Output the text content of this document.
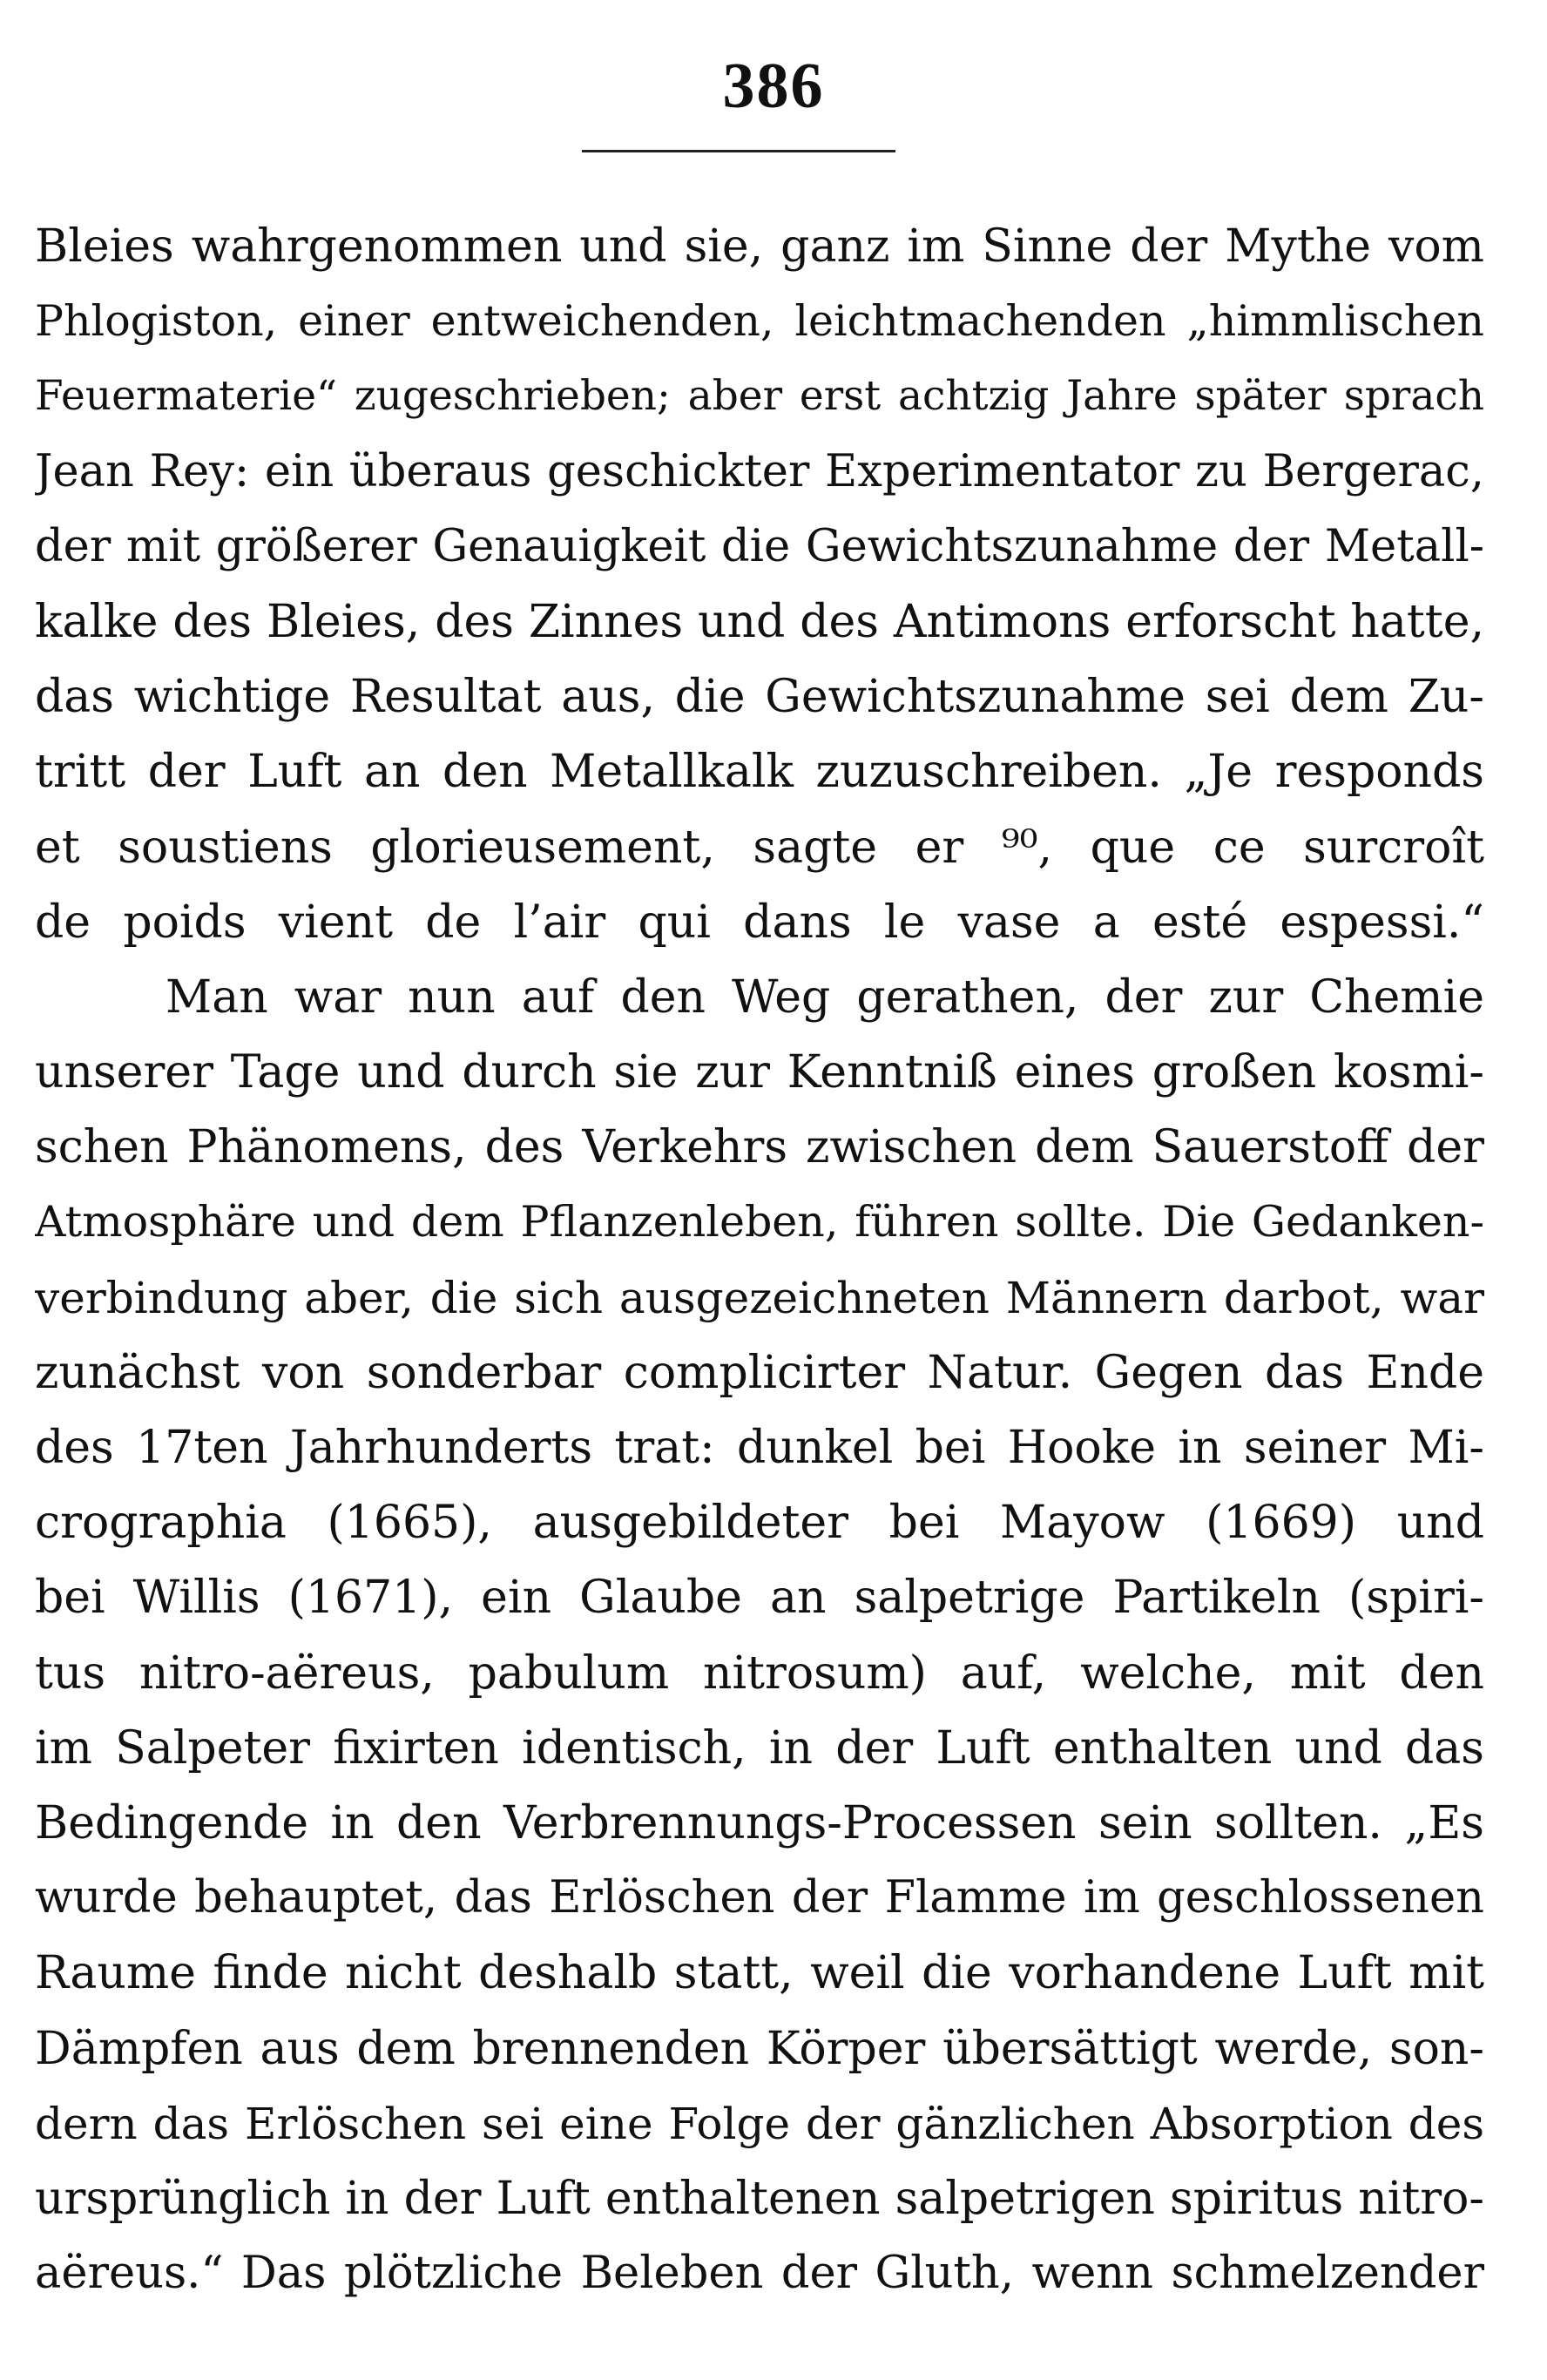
386
Bleies wahrgenommen und sie, ganz im Sinne der Mythe vom
Phlogiston, einer entweichenden, leichtmachenden „himmlischen
Feuermaterie“ zugeschrieben; aber erst achtzig Jahre später sprach
Jean Rey: ein überaus geschickter Experimentator zu Bergerac,
der mit größerer Genauigkeit die Gewichtszunahme der Metall-
kalke des Bleies, des Zinnes und des Antimons erforscht hatte,
das wichtige Resultat aus, die Gewichtszunahme sei dem Zu-
tritt der Luft an den Metallkalk zuzuschreiben. „Je responds
et soustiens glorieusement, sagte er ⁹⁰, que ce surcroît
de poids vient de l’air qui dans le vase a esté espessi.“
Man war nun auf den Weg gerathen, der zur Chemie
unserer Tage und durch sie zur Kenntniß eines großen kosmi-
schen Phänomens, des Verkehrs zwischen dem Sauerstoff der
Atmosphäre und dem Pflanzenleben, führen sollte. Die Gedanken-
verbindung aber, die sich ausgezeichneten Männern darbot, war
zunächst von sonderbar complicirter Natur. Gegen das Ende
des 17ten Jahrhunderts trat: dunkel bei Hooke in seiner Mi-
crographia (1665), ausgebildeter bei Mayow (1669) und
bei Willis (1671), ein Glaube an salpetrige Partikeln (spiri-
tus nitro-aëreus, pabulum nitrosum) auf, welche, mit den
im Salpeter fixirten identisch, in der Luft enthalten und das
Bedingende in den Verbrennungs-Processen sein sollten. „Es
wurde behauptet, das Erlöschen der Flamme im geschlossenen
Raume finde nicht deshalb statt, weil die vorhandene Luft mit
Dämpfen aus dem brennenden Körper übersättigt werde, son-
dern das Erlöschen sei eine Folge der gänzlichen Absorption des
ursprünglich in der Luft enthaltenen salpetrigen spiritus nitro-
aëreus.“ Das plötzliche Beleben der Gluth, wenn schmelzender
